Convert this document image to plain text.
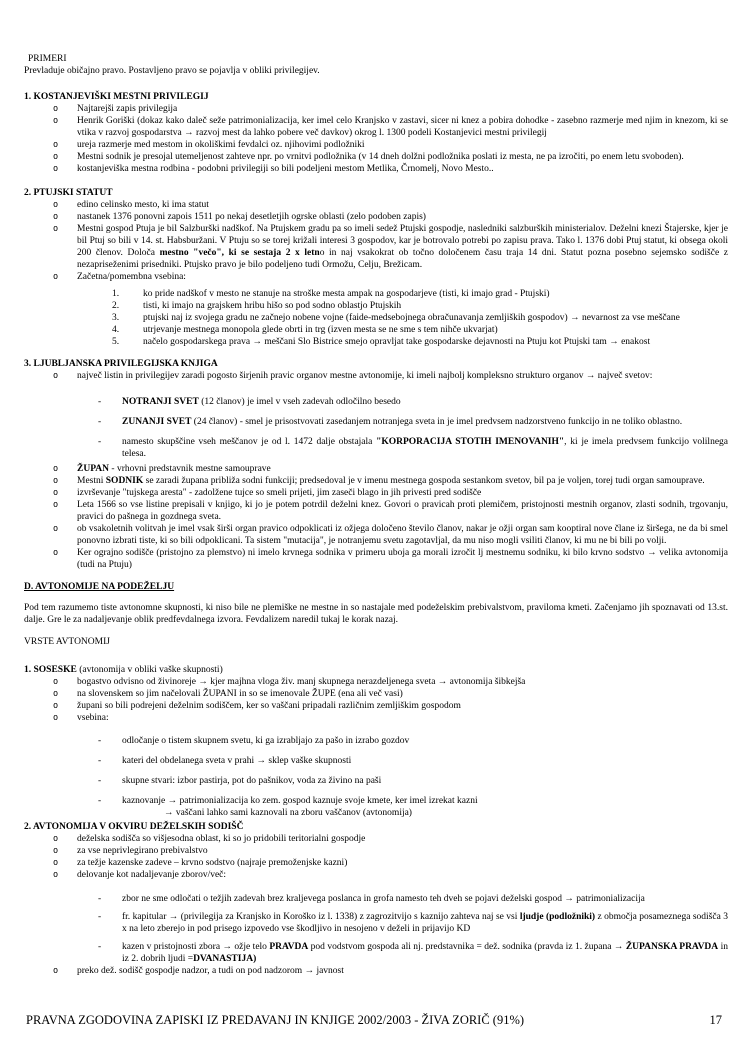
PRIMERI
Prevladuje običajno pravo. Postavljeno pravo se pojavlja v obliki privilegijev.
1. KOSTANJEVIŠKI MESTNI PRIVILEGIJ
o Najtarejši zapis privilegija
o Henrik Goriški (dokaz kako daleč seže patrimonializacija, ker imel celo Kranjsko v zastavi, sicer ni knez a pobira dohodke - zasebno razmerje med njim in knezom, ki se vtika v razvoj gospodarstva → razvoj mest da lahko pobere več davkov) okrog l. 1300 podeli Kostanjevici mestni privilegij
o ureja razmerje med mestom in okoliškimi fevdalci oz. njihovimi podložniki
o Mestni sodnik je presojal utemeljenost zahteve npr. po vrnitvi podložnika (v 14 dneh dolžni podložnika poslati iz mesta, ne pa izročiti, po enem letu svoboden).
o kostanjeviška mestna rodbina - podobni privilegiji so bili podeljeni mestom Metlika, Črnomelj, Novo Mesto..
2. PTUJSKI STATUT
o edino celinsko mesto, ki ima statut
o nastanek 1376 ponovni zapois 1511 po nekaj desetletjih ogrske oblasti (zelo podoben zapis)
o Mestni gospod Ptuja je bil Salzburški nadškof. Na Ptujskem gradu pa so imeli sedež Ptujski gospodje, nasledniki salzburških ministerialov. Deželni knezi Štajerske, kjer je bil Ptuj so bili v 14. st. Habsburžani. V Ptuju so se torej križali interesi 3 gospodov, kar je botrovalo potrebi po zapisu prava. Tako l. 1376 dobi Ptuj statut, ki obsega okoli 200 členov. Določa mestno "večo", ki se sestaja 2 x letno in naj vsakokrat ob točno določenem času traja 14 dni. Statut pozna posebno sejemsko sodišče z nezapriseženimi prisedniki. Ptujsko pravo je bilo podeljeno tudi Ormožu, Celju, Brežicam.
o Začetna/pomembna vsebina:
1.	ko pride nadškof v mesto ne stanuje na stroške mesta ampak na gospodarjeve (tisti, ki imajo grad - Ptujski)
2.	tisti, ki imajo na grajskem hribu hišo so pod sodno oblastjo Ptujskih
3.	ptujski naj iz svojega gradu ne začnejo nobene vojne (faide-medsebojnega obračunavanja zemljiških gospodov) → nevarnost za vse meščane
4.	utrjevanje mestnega monopola glede obrti in trg (izven mesta se ne sme s tem nihče ukvarjat)
5.	načelo gospodarskega prava → meščani Slo Bistrice smejo opravljat take gospodarske dejavnosti na Ptuju kot Ptujski tam → enakost
3. LJUBLJANSKA PRIVILEGIJSKA KNJIGA
o največ listin in privilegijev zaradi pogosto širjenih pravic organov mestne avtonomije, ki imeli najbolj kompleksno strukturo organov → največ svetov:
- NOTRANJI SVET (12 članov) je imel v vseh zadevah odločilno besedo
- ZUNANJI SVET (24 članov) - smel je prisostvovati zasedanjem notranjega sveta in je imel predvsem nadzorstveno funkcijo in ne toliko oblastno.
- namesto skupščine vseh meščanov je od l. 1472 dalje obstajala "KORPORACIJA STOTIH IMENOVANIH", ki je imela predvsem funkcijo volilnega telesa.
o ŽUPAN - vrhovni predstavnik mestne samouprave
o Mestni SODNIK se zaradi župana približa sodni funkciji; predsedoval je v imenu mestnega gospoda sestankom svetov, bil pa je voljen, torej tudi organ samouprave.
o izvrševanje "tujskega aresta" - zadolžene tujce so smeli prijeti, jim zaseči blago in jih privesti pred sodišče
o Leta 1566 so vse listine prepisali v knjigo, ki jo je potem potrdil deželni knez. Govori o pravicah proti plemičem, pristojnosti mestnih organov, zlasti sodnih, trgovanju, pravici do pašnega in gozdnega sveta.
o ob vsakoletnih volitvah je imel vsak širši organ pravico odpoklicati iz ožjega določeno število članov, nakar je ožji organ sam kooptiral nove člane iz širšega, ne da bi smel ponovno izbrati tiste, ki so bili odpoklicani. Ta sistem "mutacija", je notranjemu svetu zagotavljal, da mu niso mogli vsiliti članov, ki mu ne bi bili po volji.
o Ker ograjno sodišče (pristojno za plemstvo) ni imelo krvnega sodnika v primeru uboja ga morali izročit lj mestnemu sodniku, ki bilo krvno sodstvo → velika avtonomija (tudi na Ptuju)
D. AVTONOMIJE NA PODEŽELJU
Pod tem razumemo tiste avtonomne skupnosti, ki niso bile ne plemiške ne mestne in so nastajale med podeželskim prebivalstvom, praviloma kmeti. Začenjamo jih spoznavati od 13.st. dalje. Gre le za nadaljevanje oblik predfevdalnega izvora. Fevdalizem naredil tukaj le korak nazaj.
VRSTE AVTONOMIJ
1. SOSESKE (avtonomija v obliki vaške skupnosti)
o bogastvo odvisno od živinoreje → kjer majhna vloga živ. manj skupnega nerazdeljenega sveta → avtonomija šibkejša
o na slovenskem so jim načelovali ŽUPANI in so se imenovale ŽUPE (ena ali več vasi)
o župani so bili podrejeni deželnim sodiščem, ker so vaščani pripadali različnim zemljiškim gospodom
o vsebina:
- odločanje o tistem skupnem svetu, ki ga izrabljajo za pašo in izrabo gozdov
- kateri del obdelanega sveta v prahi → sklep vaške skupnosti
- skupne stvari: izbor pastirja, pot do pašnikov, voda za živino na paši
- kaznovanje → patrimonializacija ko zem. gospod kaznuje svoje kmete, ker imel izrekat kazni
→ vaščani lahko sami kaznovali na zboru vaščanov (avtonomija)
2. AVTONOMIJA V OKVIRU DEŽELSKIH SODIŠČ
o deželska sodišča so višjesodna oblast, ki so jo pridobili teritorialni gospodje
o za vse neprivlegirano prebivalstvo
o za težje kazenske zadeve – krvno sodstvo (najraje premoženjske kazni)
o delovanje kot nadaljevanje zborov/več:
- zbor ne sme odločati o težjih zadevah brez kraljevega poslanca in grofa namesto teh dveh se pojavi deželski gospod → patrimonializacija
- fr. kapitular → (privilegija za Kranjsko in Koroško iz l. 1338) z zagrozitvijo s kaznijo zahteva naj se vsi ljudje (podložniki) z območja posameznega sodišča 3 x na leto zberejo in pod prisego izpovedo vse škodljivo in nesojeno v deželi in prijavijo KD
- kazen v pristojnosti zbora → ožje telo PRAVDA pod vodstvom gospoda ali nj. predstavnika = dež. sodnika (pravda iz 1. župana → ŽUPANSKA PRAVDA in iz 2. dobrih ljudi =DVANASTIJA)
o preko dež. sodišč gospodje nadzor, a tudi on pod nadzorom → javnost
PRAVNA ZGODOVINA ZAPISKI IZ PREDAVANJ IN KNJIGE 2002/2003 - ŽIVA ZORIČ (91%)	17
